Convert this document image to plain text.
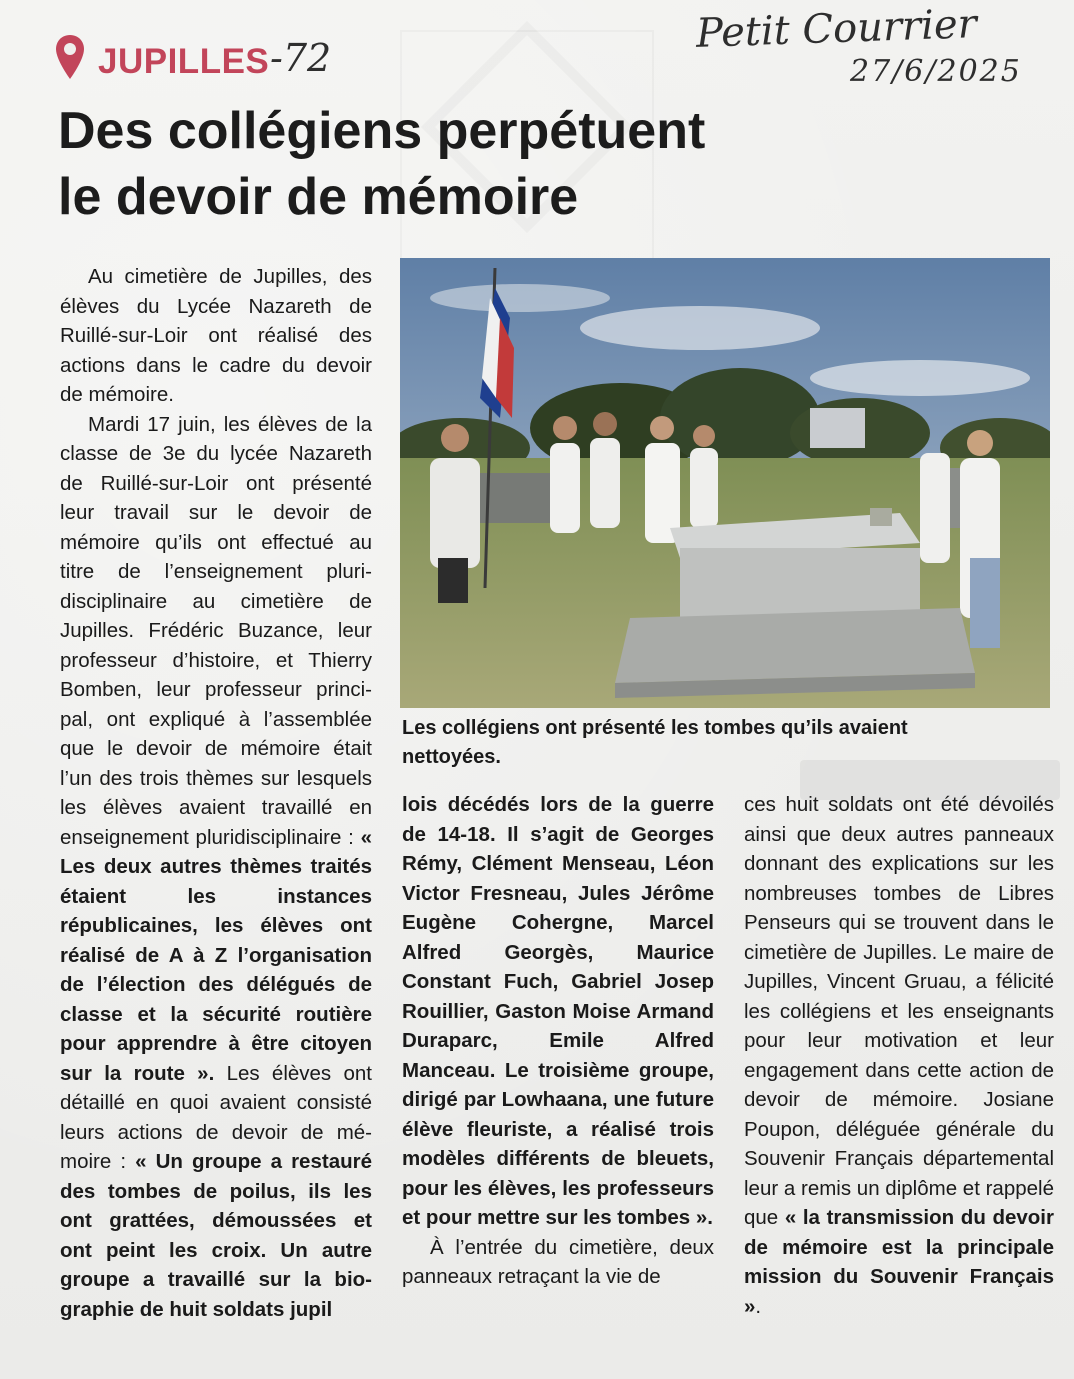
JUPILLES -72
Petit Courrier
27/6/2025
Des collégiens perpétuent
le devoir de mémoire

Au cimetière de Jupilles, des élèves du Lycée Nazareth de Ruillé-sur-Loir ont réalisé des actions dans le cadre du devoir de mémoire.

Mardi 17 juin, les élèves de la classe de 3e du lycée Nazareth de Ruillé-sur-Loir ont présenté leur travail sur le devoir de mémoire qu’ils ont effectué au titre de l’enseignement pluridisciplinaire au cimetière de Jupilles. Frédéric Buzance, leur professeur d’histoire, et Thierry Bomben, leur professeur principal, ont expliqué à l’assemblée que le devoir de mémoire était l’un des trois thèmes sur lesquels les élèves avaient travaillé en enseignement pluridisciplinaire : « Les deux autres thèmes traités étaient les instances républicaines, les élèves ont réalisé de A à Z l’organisation de l’élection des délégués de classe et la sécurité routière pour apprendre à être citoyen sur la route ». Les élèves ont détaillé en quoi avaient consisté leurs actions de devoir de mémoire : « Un groupe a restauré des tombes de poilus, ils les ont grattées, démoussées et ont peint les croix. Un autre groupe a travaillé sur la biographie de huit soldats jupil

Les collégiens ont présenté les tombes qu’ils avaient
nettoyées.

lois décédés lors de la guerre de 14-18. Il s’agit de Georges Rémy, Clément Menseau, Léon Victor Fresneau, Jules Jérôme Eugène Cohergne, Marcel Alfred Georgès, Maurice Constant Fuch, Gabriel Josep Rouillier, Gaston Moise Armand Duraparc, Emile Alfred Manceau. Le troisième groupe, dirigé par Lowhaana, une future élève fleuriste, a réalisé trois modèles différents de bleuets, pour les élèves, les professeurs et pour mettre sur les tombes ».

À l’entrée du cimetière, deux panneaux retraçant la vie de

ces huit soldats ont été dévoilés ainsi que deux autres panneaux donnant des explications sur les nombreuses tombes de Libres Penseurs qui se trouvent dans le cimetière de Jupilles. Le maire de Jupilles, Vincent Gruau, a félicité les collégiens et les enseignants pour leur motivation et leur engagement dans cette action de devoir de mémoire. Josiane Poupon, déléguée générale du Souvenir Français départemental leur a remis un diplôme et rappelé que « la transmission du devoir de mémoire est la principale mission du Souvenir Français ».
